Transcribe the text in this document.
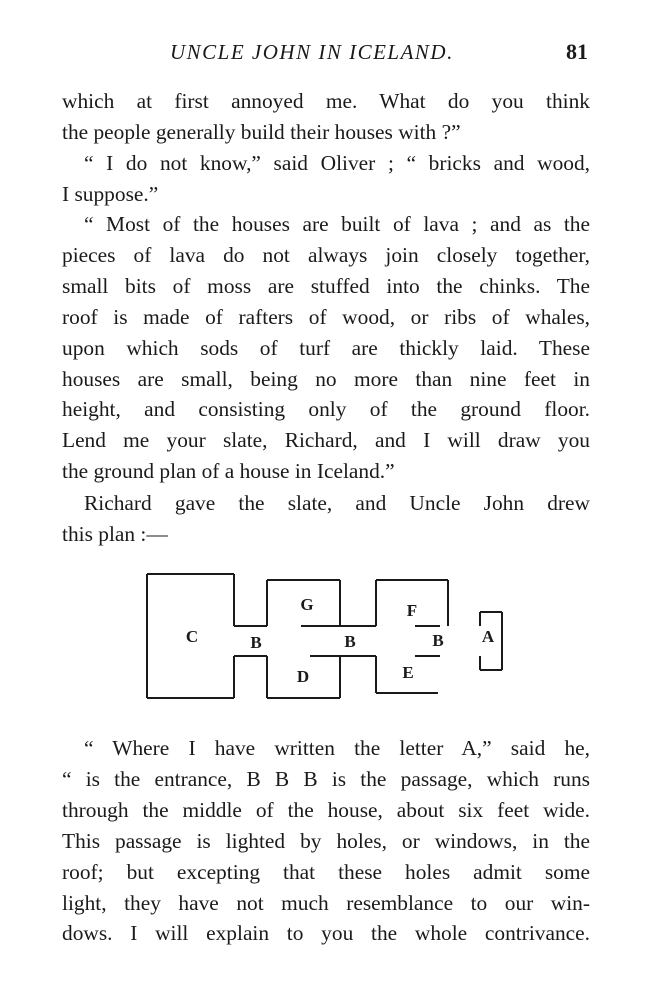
UNCLE JOHN IN ICELAND.	81

which at first annoyed me. What do you think
the people generally build their houses with ?”

“ I do not know,” said Oliver ; “ bricks and wood,
I suppose.”

“ Most of the houses are built of lava ; and as the
pieces of lava do not always join closely together,
small bits of moss are stuffed into the chinks. The
roof is made of rafters of wood, or ribs of whales,
upon which sods of turf are thickly laid. These
houses are small, being no more than nine feet in
height, and consisting only of the ground floor.
Lend me your slate, Richard, and I will draw you
the ground plan of a house in Iceland.”

Richard gave the slate, and Uncle John drew
this plan :—

C	B
G
D
B
F
E
B A

“ Where I have written the letter A,” said he,
“ is the entrance, B B B is the passage, which runs
through the middle of the house, about six feet wide.
This passage is lighted by holes, or windows, in the
roof; but excepting that these holes admit some
light, they have not much resemblance to our win-
dows. I will explain to you the whole contrivance.
